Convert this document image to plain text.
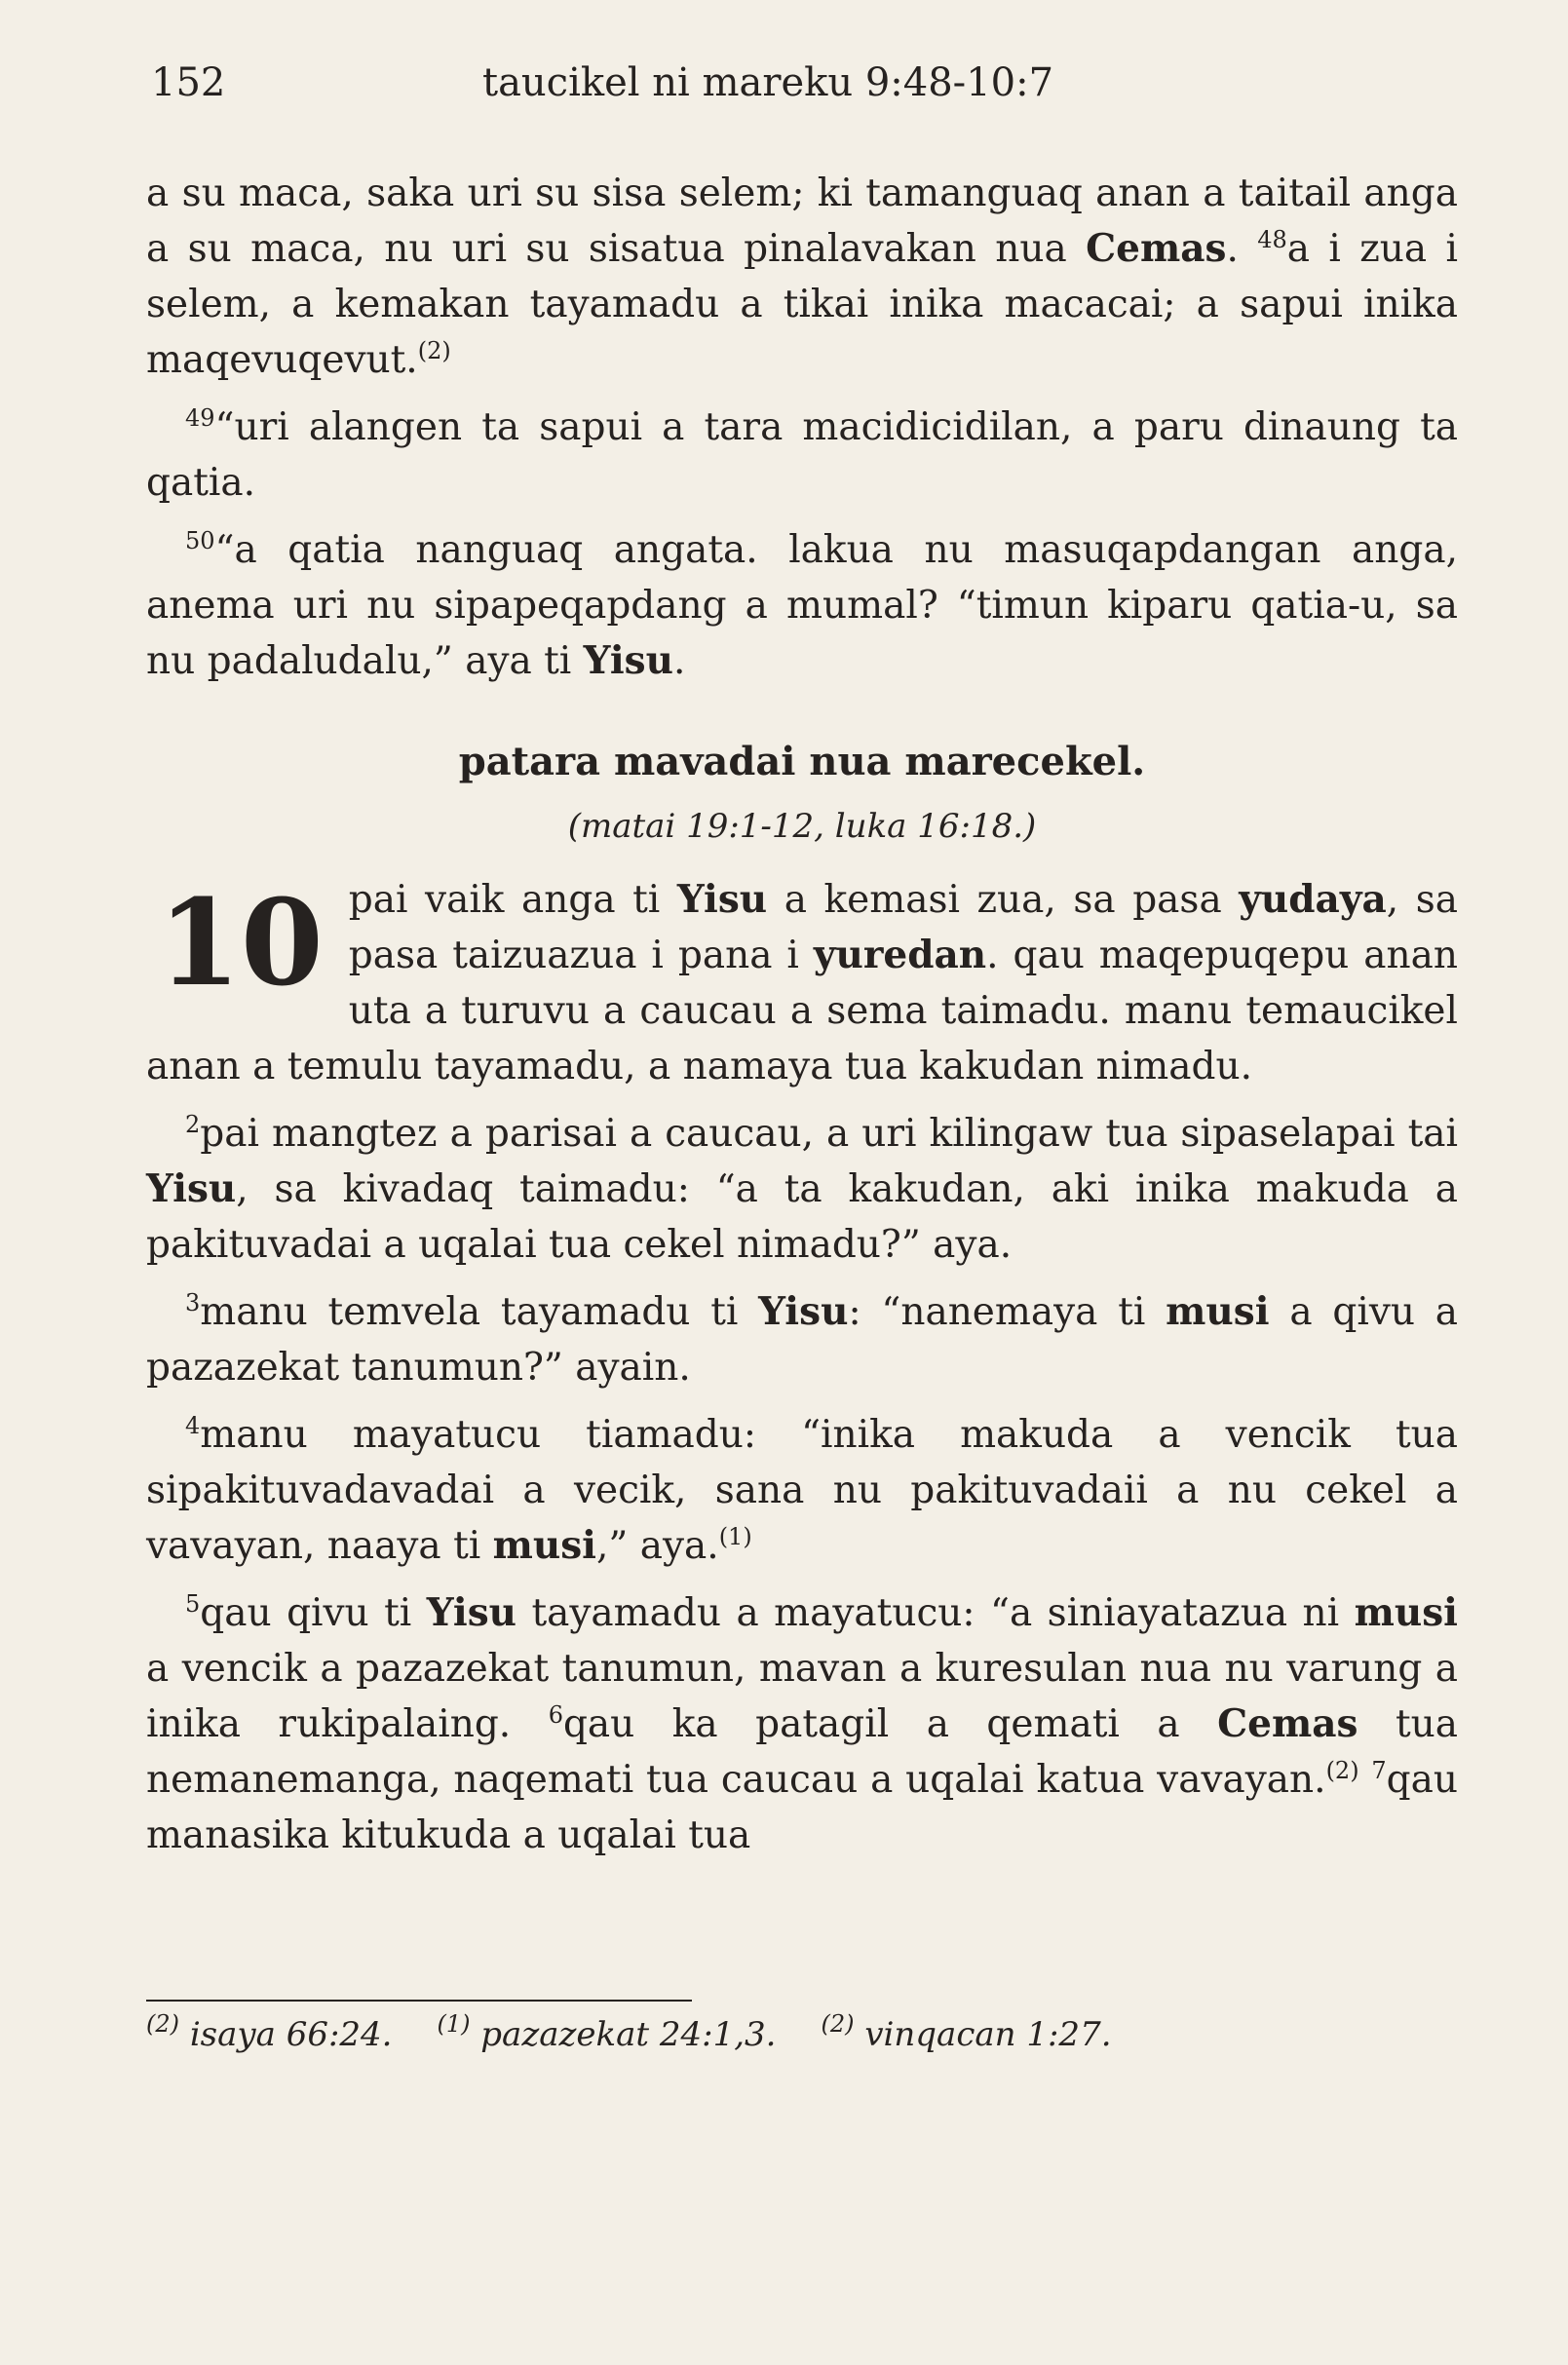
152	taucikel ni mareku 9:48-10:7

a su maca, saka uri su sisa selem; ki tamanguaq anan a taitail anga a su maca, nu uri su sisatua pinalavakan nua Cemas. $^{48}$a i zua i selem, a kemakan tayamadu a tikai inika macacai; a sapui inika maqevuqevut.$^{(2)}$

$^{49}$“uri alangen ta sapui a tara macidicidilan, a paru dinaung ta qatia.

$^{50}$“a qatia nanguaq angata. lakua nu masuqapdangan anga, anema uri nu sipapeqapdang a mumal? “timun kiparu qatia-u, sa nu padaludalu,” aya ti Yisu.

patara mavadai nua marecekel.
(matai 19:1-12, luka 16:18.)
10 pai vaik anga ti Yisu a kemasi zua, sa pasa yudaya, sa pasa taizuazua i pana i yuredan. qau maqepuqepu anan uta a turuvu a caucau a sema taimadu. manu temaucikel anan a temulu tayamadu, a namaya tua kakudan nimadu.

$^2$pai mangtez a parisai a caucau, a uri kilingaw tua sipaselapai tai Yisu, sa kivadaq taimadu: “a ta kakudan, aki inika makuda a pakituvadai a uqalai tua cekel nimadu?” aya.

$^3$manu temvela tayamadu ti Yisu: “nanemaya ti musi a qivu a pazazekat tanumun?” ayain.

$^4$manu mayatucu tiamadu: “inika makuda a vencik tua sipakituvadavadai a vecik, sana nu pakituvadaii a nu cekel a vavayan, naaya ti musi,” aya.$^{(1)}$

$^5$qau qivu ti Yisu tayamadu a mayatucu: “a siniayatazua ni musi a vencik a pazazekat tanumun, mavan a kuresulan nua nu varung a inika rukipalaing. $^6$qau ka patagil a qemati a Cemas tua nemanemanga, naqemati tua caucau a uqalai katua vavayan.$^{(2)}$ $^7$qau manasika kitukuda a uqalai tua

$^{(2)}$ isaya 66:24. $^{(1)}$ pazazekat 24:1,3. $^{(2)}$ vinqacan 1:27.
